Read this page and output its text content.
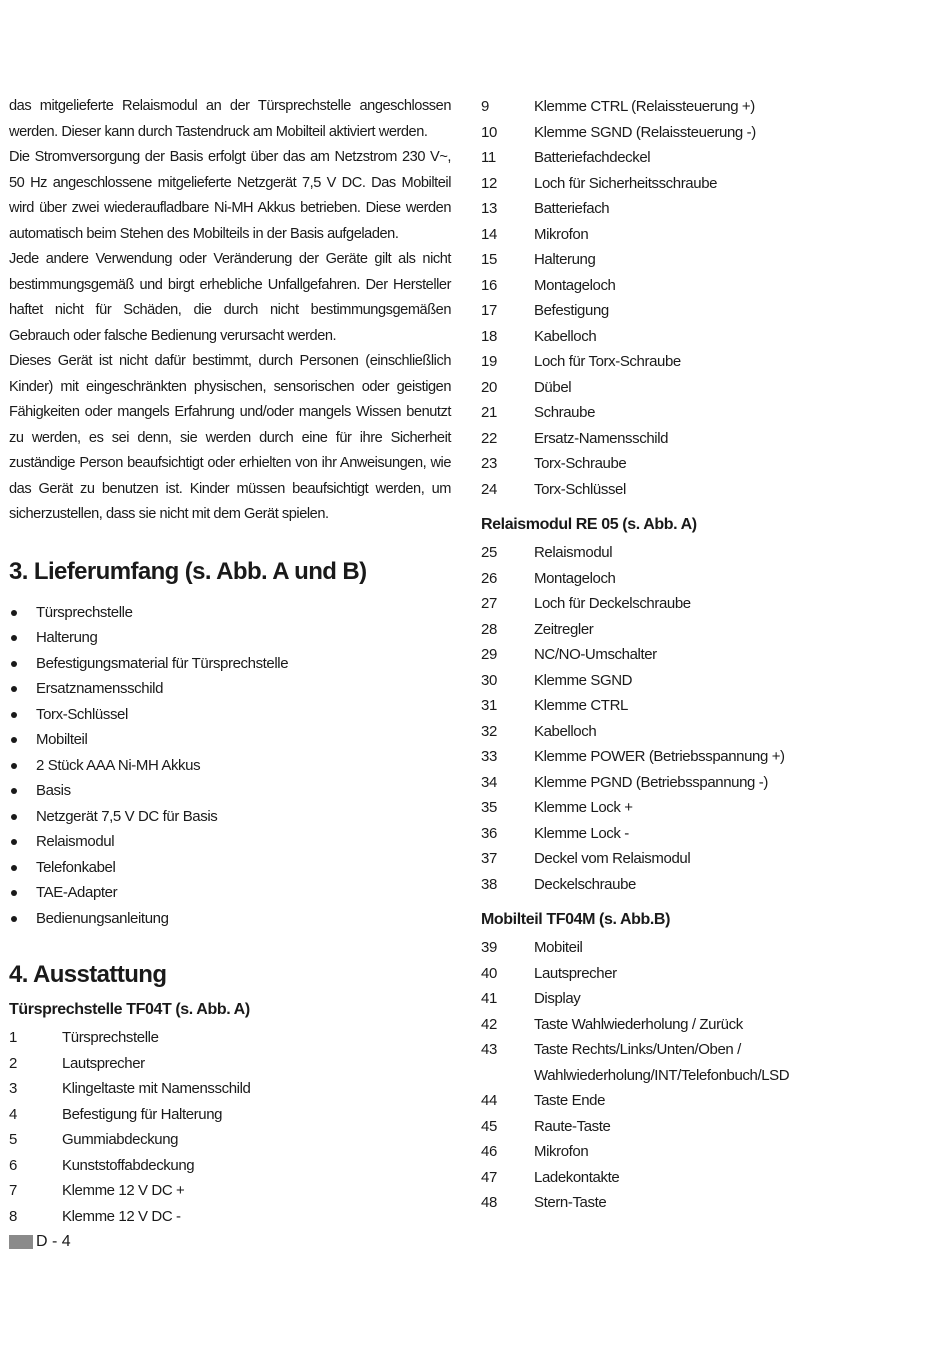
das mitgelieferte Relaismodul an der Türsprechstelle angeschlossen werden. Dieser kann durch Tastendruck am Mobilteil aktiviert werden.

Die Stromversorgung der Basis erfolgt über das am Netzstrom 230 V~, 50 Hz angeschlossene mitgelieferte Netzgerät 7,5 V DC. Das Mobilteil wird über zwei wiederaufladbare Ni-MH Akkus betrieben. Diese werden automatisch beim Stehen des Mobilteils in der Basis aufgeladen.

Jede andere Verwendung oder Veränderung der Geräte gilt als nicht bestimmungsgemäß und birgt erhebliche Unfallgefahren. Der Hersteller haftet nicht für Schäden, die durch nicht bestimmungsgemäßen Gebrauch oder falsche Bedienung verursacht werden.

Dieses Gerät ist nicht dafür bestimmt, durch Personen (einschließlich Kinder) mit eingeschränkten physischen, sensorischen oder geistigen Fähigkeiten oder mangels Erfahrung und/oder mangels Wissen benutzt zu werden, es sei denn, sie werden durch eine für ihre Sicherheit zuständige Person beaufsichtigt oder erhielten von ihr Anweisungen, wie das Gerät zu benutzen ist. Kinder müssen beaufsichtigt werden, um sicherzustellen, dass sie nicht mit dem Gerät spielen.

3. Lieferumfang (s. Abb. A und B)
Türsprechstelle
Halterung
Befestigungsmaterial für Türsprechstelle
Ersatznamensschild
Torx-Schlüssel
Mobilteil
2 Stück AAA Ni-MH Akkus
Basis
Netzgerät 7,5 V DC für Basis
Relaismodul
Telefonkabel
TAE-Adapter
Bedienungsanleitung
4. Ausstattung
Türsprechstelle TF04T (s. Abb. A)
1	Türsprechstelle
2	Lautsprecher
3	Klingeltaste mit Namensschild
4	Befestigung für Halterung
5	Gummiabdeckung
6	Kunststoffabdeckung
7	Klemme 12 V DC +
8	Klemme 12 V DC -
9	Klemme CTRL (Relaissteuerung +)
10	Klemme SGND (Relaissteuerung -)
11	Batteriefachdeckel
12	Loch für Sicherheitsschraube
13	Batteriefach
14	Mikrofon
15	Halterung
16	Montageloch
17	Befestigung
18	Kabelloch
19	Loch für Torx-Schraube
20	Dübel
21	Schraube
22	Ersatz-Namensschild
23	Torx-Schraube
24	Torx-Schlüssel
Relaismodul RE 05 (s. Abb. A)
25	Relaismodul
26	Montageloch
27	Loch für Deckelschraube
28	Zeitregler
29	NC/NO-Umschalter
30	Klemme SGND
31	Klemme CTRL
32	Kabelloch
33	Klemme POWER (Betriebsspannung +)
34	Klemme PGND (Betriebsspannung -)
35	Klemme Lock +
36	Klemme Lock -
37	Deckel vom Relaismodul
38	Deckelschraube
Mobilteil TF04M (s. Abb.B)
39	Mobiteil
40	Lautsprecher
41	Display
42	Taste Wahlwiederholung / Zurück
43	Taste Rechts/Links/Unten/Oben / Wahlwiederholung/INT/Telefonbuch/LSD
44	Taste Ende
45	Raute-Taste
46	Mikrofon
47	Ladekontakte
48	Stern-Taste
D - 4
